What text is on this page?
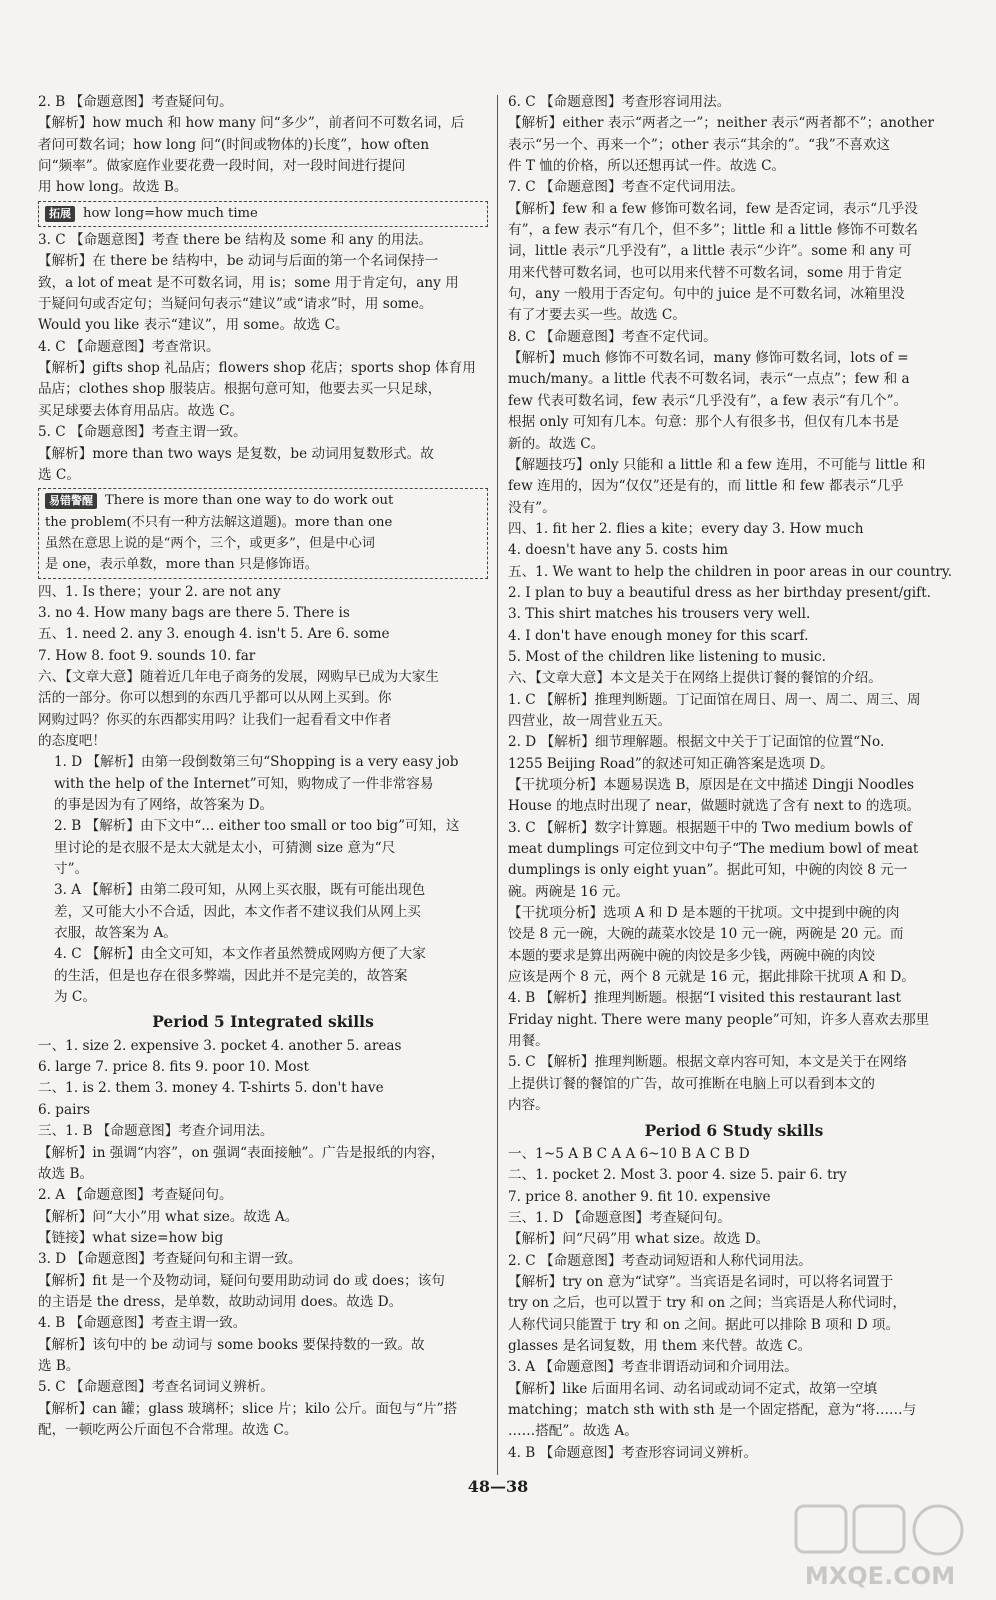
2. B 【命题意图】考查疑问句。
【解析】how much 和 how many 问“多少”，前者问不可数名词，后
者问可数名词；how long 问“(时间或物体的)长度”，how often
问“频率”。做家庭作业要花费一段时间，对一段时间进行提问
用 how long。故选 B。
拓展 how long=how much time
3. C 【命题意图】考查 there be 结构及 some 和 any 的用法。
【解析】在 there be 结构中，be 动词与后面的第一个名词保持一
致，a lot of meat 是不可数名词，用 is；some 用于肯定句，any 用
于疑问句或否定句；当疑问句表示“建议”或“请求”时，用 some。
Would you like 表示“建议”，用 some。故选 C。
4. C 【命题意图】考查常识。
【解析】gifts shop 礼品店；flowers shop 花店；sports shop 体育用
品店；clothes shop 服装店。根据句意可知，他要去买一只足球，
买足球要去体育用品店。故选 C。
5. C 【命题意图】考查主谓一致。
【解析】more than two ways 是复数，be 动词用复数形式。故
选 C。
易错警醒 There is more than one way to do work out
the problem(不只有一种方法解这道题)。more than one
虽然在意思上说的是“两个，三个，或更多”，但是中心词
是 one，表示单数，more than 只是修饰语。
四、1. Is there；your 2. are not any
3. no 4. How many bags are there 5. There is
五、1. need 2. any 3. enough 4. isn't 5. Are 6. some
7. How 8. foot 9. sounds 10. far
六、【文章大意】随着近几年电子商务的发展，网购早已成为大家生
活的一部分。你可以想到的东西几乎都可以从网上买到。你
网购过吗？你买的东西都实用吗？让我们一起看看文中作者
的态度吧！
1. D 【解析】由第一段倒数第三句“Shopping is a very easy job
with the help of the Internet”可知，购物成了一件非常容易
的事是因为有了网络，故答案为 D。
2. B 【解析】由下文中“... either too small or too big”可知，这
里讨论的是衣服不是太大就是太小，可猜测 size 意为“尺
寸”。
3. A 【解析】由第二段可知，从网上买衣服，既有可能出现色
差，又可能大小不合适，因此，本文作者不建议我们从网上买
衣服，故答案为 A。
4. C 【解析】由全文可知，本文作者虽然赞成网购方便了大家
的生活，但是也存在很多弊端，因此并不是完美的，故答案
为 C。
Period 5 Integrated skills
一、1. size 2. expensive 3. pocket 4. another 5. areas
6. large 7. price 8. fits 9. poor 10. Most
二、1. is 2. them 3. money 4. T-shirts 5. don't have
6. pairs
三、1. B 【命题意图】考查介词用法。
【解析】in 强调“内容”，on 强调“表面接触”。广告是报纸的内容，
故选 B。
2. A 【命题意图】考查疑问句。
【解析】问“大小”用 what size。故选 A。
【链接】what size=how big
3. D 【命题意图】考查疑问句和主谓一致。
【解析】fit 是一个及物动词，疑问句要用助动词 do 或 does；该句
的主语是 the dress，是单数，故助动词用 does。故选 D。
4. B 【命题意图】考查主谓一致。
【解析】该句中的 be 动词与 some books 要保持数的一致。故
选 B。
5. C 【命题意图】考查名词词义辨析。
【解析】can 罐；glass 玻璃杯；slice 片；kilo 公斤。面包与“片”搭
配，一顿吃两公斤面包不合常理。故选 C。
6. C 【命题意图】考查形容词用法。
【解析】either 表示“两者之一”；neither 表示“两者都不”；another
表示“另一个、再来一个”；other 表示“其余的”。“我”不喜欢这
件 T 恤的价格，所以还想再试一件。故选 C。
7. C 【命题意图】考查不定代词用法。
【解析】few 和 a few 修饰可数名词，few 是否定词，表示“几乎没
有”，a few 表示“有几个，但不多”；little 和 a little 修饰不可数名
词，little 表示“几乎没有”，a little 表示“少许”。some 和 any 可
用来代替可数名词，也可以用来代替不可数名词，some 用于肯定
句，any 一般用于否定句。句中的 juice 是不可数名词，冰箱里没
有了才要去买一些。故选 C。
8. C 【命题意图】考查不定代词。
【解析】much 修饰不可数名词，many 修饰可数名词，lots of =
much/many。a little 代表不可数名词，表示“一点点”；few 和 a
few 代表可数名词，few 表示“几乎没有”，a few 表示“有几个”。
根据 only 可知有几本。句意：那个人有很多书，但仅有几本书是
新的。故选 C。
【解题技巧】only 只能和 a little 和 a few 连用，不可能与 little 和
few 连用的，因为“仅仅”还是有的，而 little 和 few 都表示“几乎
没有”。
四、1. fit her 2. flies a kite；every day 3. How much
4. doesn't have any 5. costs him
五、1. We want to help the children in poor areas in our country.
2. I plan to buy a beautiful dress as her birthday present/gift.
3. This shirt matches his trousers very well.
4. I don't have enough money for this scarf.
5. Most of the children like listening to music.
六、【文章大意】本文是关于在网络上提供订餐的餐馆的介绍。
1. C 【解析】推理判断题。丁记面馆在周日、周一、周二、周三、周
四营业，故一周营业五天。
2. D 【解析】细节理解题。根据文中关于丁记面馆的位置“No.
1255 Beijing Road”的叙述可知正确答案是选项 D。
【干扰项分析】本题易误选 B，原因是在文中描述 Dingji Noodles
House 的地点时出现了 near，做题时就选了含有 next to 的选项。
3. C 【解析】数字计算题。根据题干中的 Two medium bowls of
meat dumplings 可定位到文中句子“The medium bowl of meat
dumplings is only eight yuan”。据此可知，中碗的肉饺 8 元一
碗。两碗是 16 元。
【干扰项分析】选项 A 和 D 是本题的干扰项。文中提到中碗的肉
饺是 8 元一碗，大碗的蔬菜水饺是 10 元一碗，两碗是 20 元。而
本题的要求是算出两碗中碗的肉饺是多少钱，两碗中碗的肉饺
应该是两个 8 元，两个 8 元就是 16 元，据此排除干扰项 A 和 D。
4. B 【解析】推理判断题。根据“I visited this restaurant last
Friday night. There were many people”可知，许多人喜欢去那里
用餐。
5. C 【解析】推理判断题。根据文章内容可知，本文是关于在网络
上提供订餐的餐馆的广告，故可推断在电脑上可以看到本文的
内容。
Period 6 Study skills
一、1~5 A B C A A 6~10 B A C B D
二、1. pocket 2. Most 3. poor 4. size 5. pair 6. try
7. price 8. another 9. fit 10. expensive
三、1. D 【命题意图】考查疑问句。
【解析】问“尺码”用 what size。故选 D。
2. C 【命题意图】考查动词短语和人称代词用法。
【解析】try on 意为“试穿”。当宾语是名词时，可以将名词置于
try on 之后，也可以置于 try 和 on 之间；当宾语是人称代词时，
人称代词只能置于 try 和 on 之间。据此可以排除 B 项和 D 项。
glasses 是名词复数，用 them 来代替。故选 C。
3. A 【命题意图】考查非谓语动词和介词用法。
【解析】like 后面用名词、动名词或动词不定式，故第一空填
matching；match sth with sth 是一个固定搭配，意为“将……与
……搭配”。故选 A。
4. B 【命题意图】考查形容词词义辨析。
48—38
MXQE.COM
